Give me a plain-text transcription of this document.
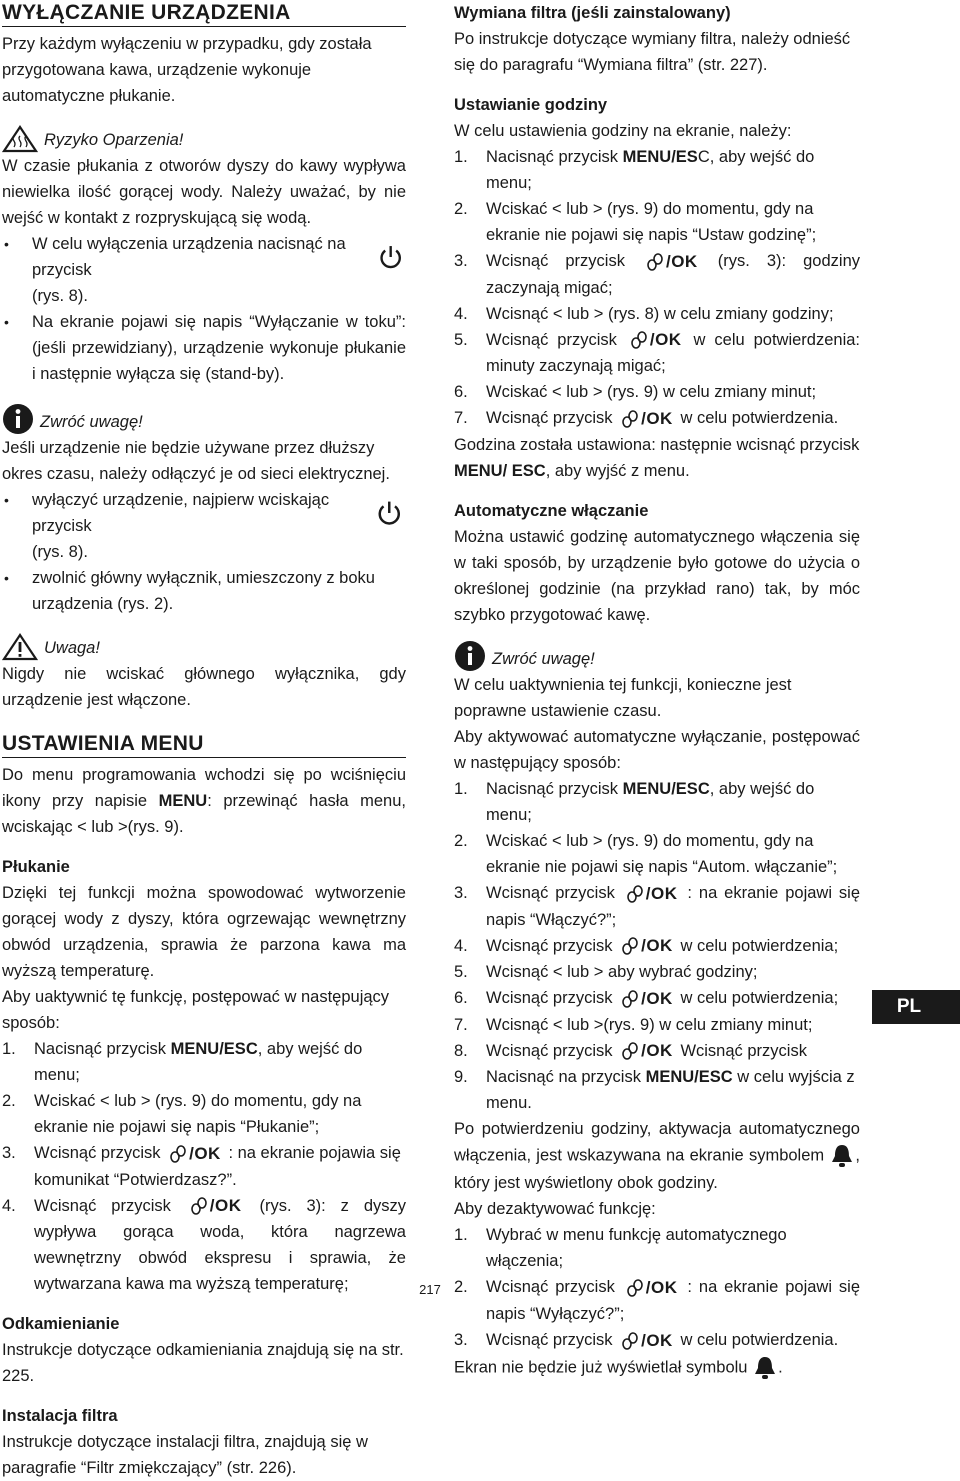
WYŁĄCZANIE URZĄDZENIA

Przy każdym wyłączeniu w przypadku, gdy została przygotowana kawa, urządzenie wykonuje automatyczne płukanie.

Ryzyko Oparzenia!

W czasie płukania z otworów dyszy do kawy wypływa niewielka ilość gorącej wody. Należy uważać, by nie wejść w kontakt z rozpryskującą się wodą.

• W celu wyłączenia urządzenia nacisnąć na przycisk
(rys. 8).
• Na ekranie pojawi się napis “Wyłączanie w toku”: (jeśli przewidziany), urządzenie wykonuje płukanie i następnie wyłącza się (stand-by).
Zwróć uwagę!

Jeśli urządzenie nie będzie używane przez dłuższy okres czasu, należy odłączyć je od sieci elektrycznej.

• wyłączyć urządzenie, najpierw wciskając przycisk
(rys. 8).
• zwolnić główny wyłącznik, umieszczony z boku urządzenia (rys. 2).
Uwaga!

Nigdy nie wciskać głównego wyłącznika, gdy urządzenie jest włączone.

USTAWIENIA MENU

Do menu programowania wchodzi się po wciśnięciu ikony przy napisie MENU: przewinąć hasła menu, wciskając < lub >(rys. 9).

Płukanie

Dzięki tej funkcji można spowodować wytworzenie gorącej wody z dyszy, która ogrzewając wewnętrzny obwód urządzenia, sprawia że parzona kawa ma wyższą temperaturę.

Aby uaktywnić tę funkcję, postępować w następujący sposób:

1. Nacisnąć przycisk MENU/ESC, aby wejść do menu;
2. Wciskać < lub > (rys. 9) do momentu, gdy na ekranie nie pojawi się napis “Płukanie”;
3. Wcisnąć przycisk /OK : na ekranie pojawia się komunikat “Potwierdzasz?”.
4. Wcisnąć przycisk /OK (rys. 3): z dyszy wypływa gorąca woda, która nagrzewa wewnętrzny obwód ekspresu i sprawia, że wytwarzana kawa ma wyższą temperaturę;

Odkamienianie

Instrukcje dotyczące odkamieniania znajdują się na str. 225.

Instalacja filtra

Instrukcje dotyczące instalacji filtra, znajdują się w paragrafie “Filtr zmiękczający” (str. 226).

Wymiana filtra (jeśli zainstalowany)

Po instrukcje dotyczące wymiany filtra, należy odnieść się do paragrafu “Wymiana filtra” (str. 227).

Ustawianie godziny

W celu ustawienia godziny na ekranie, należy:

1. Nacisnąć przycisk MENU/ESC, aby wejść do menu;
2. Wciskać < lub > (rys. 9) do momentu, gdy na ekranie nie pojawi się napis “Ustaw godzinę”;
3. Wcisnąć przycisk /OK (rys. 3): godziny zaczynają migać;
4. Wcisnąć < lub > (rys. 8) w celu zmiany godziny;
5. Wcisnąć przycisk /OK w celu potwierdzenia: minuty zaczynają migać;
6. Wciskać < lub > (rys. 9) w celu zmiany minut;
7. Wcisnąć przycisk /OK w celu potwierdzenia.

Godzina została ustawiona: następnie wcisnąć przycisk MENU/ ESC, aby wyjść z menu.

Automatyczne włączanie

Można ustawić godzinę automatycznego włączenia się w taki sposób, by urządzenie było gotowe do użycia o określonej godzinie (na przykład rano) tak, by móc szybko przygotować kawę.

Zwróć uwagę!

W celu uaktywnienia tej funkcji, konieczne jest poprawne ustawienie czasu.

Aby aktywować automatyczne wyłączanie, postępować w następujący sposób:

1. Nacisnąć przycisk MENU/ESC, aby wejść do menu;
2. Wciskać < lub > (rys. 9) do momentu, gdy na ekranie nie pojawi się napis “Autom. włączanie”;
3. Wcisnąć przycisk /OK : na ekranie pojawi się napis “Włączyć?”;
4. Wcisnąć przycisk /OK w celu potwierdzenia;
5. Wcisnąć < lub > aby wybrać godziny;
6. Wcisnąć przycisk /OK w celu potwierdzenia;
7. Wcisnąć < lub >(rys. 9) w celu zmiany minut;
8. Wcisnąć przycisk /OK Wcisnąć przycisk
9. Nacisnąć na przycisk MENU/ESC w celu wyjścia z menu.

Po potwierdzeniu godziny, aktywacja automatycznego włączenia, jest wskazywana na ekranie symbolem , który jest wyświetlony obok godziny.

Aby dezaktywować funkcję:

1. Wybrać w menu funkcję automatycznego włączenia;
2. Wcisnąć przycisk /OK : na ekranie pojawi się napis “Wyłączyć?”;
3. Wcisnąć przycisk /OK w celu potwierdzenia.

Ekran nie będzie już wyświetlał symbolu .

PL
217
